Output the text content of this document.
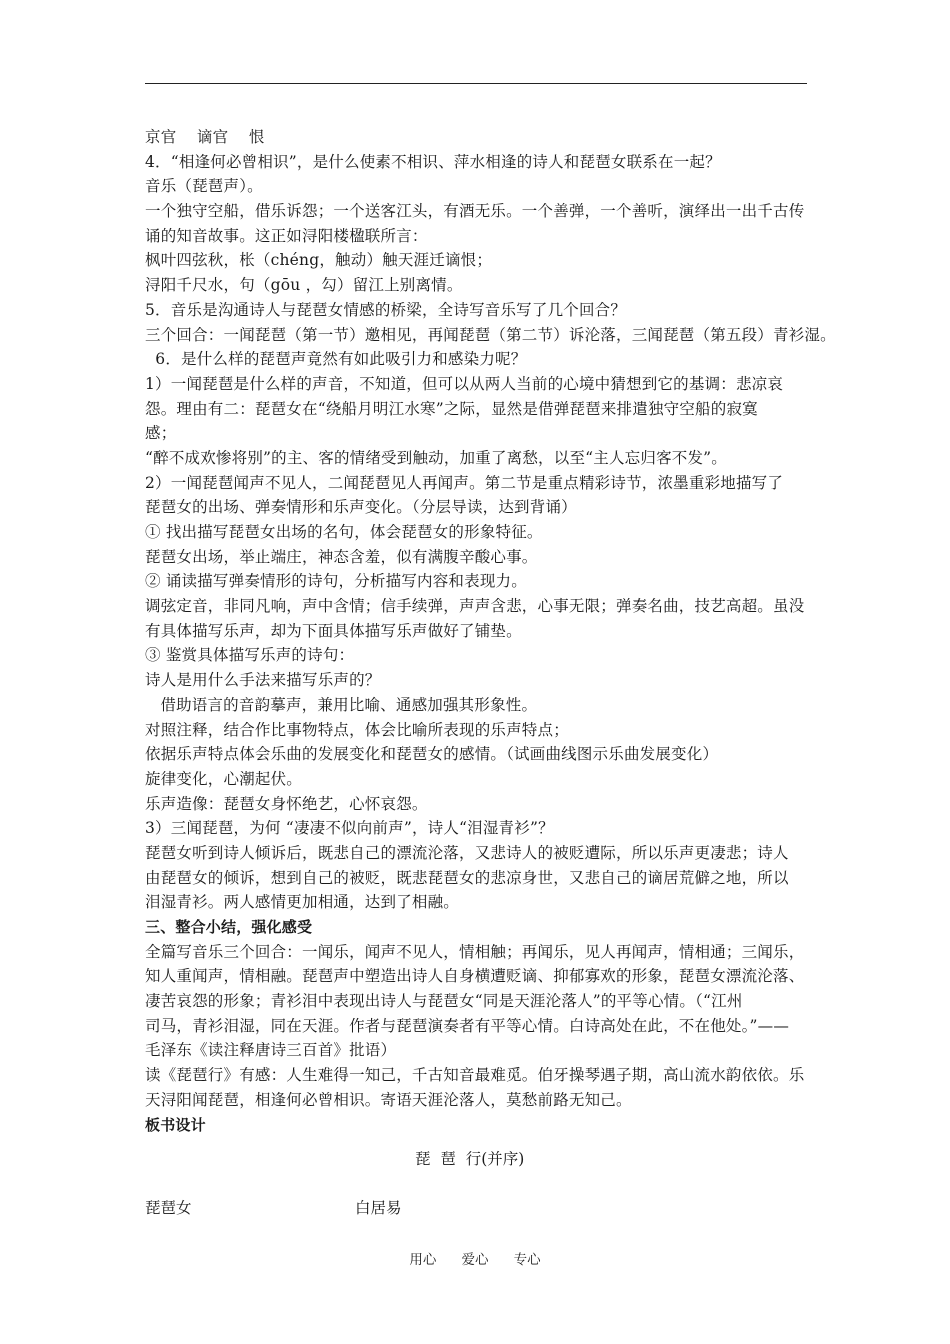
京官    谪官    恨
4．“相逢何必曾相识”，是什么使素不相识、萍水相逢的诗人和琵琶女联系在一起？
音乐（琵琶声）。
一个独守空船，借乐诉怨；一个送客江头，有酒无乐。一个善弹，一个善听，演绎出一出千古传
诵的知音故事。这正如浔阳楼楹联所言：
枫叶四弦秋，枨（chéng，触动）触天涯迁谪恨；
浔阳千尺水，句（gōu ，勾）留江上别离情。
5．音乐是沟通诗人与琵琶女情感的桥梁，全诗写音乐写了几个回合？
三个回合：一闻琵琶（第一节）邀相见，再闻琵琶（第二节）诉沦落，三闻琵琶（第五段）青衫湿。
6．是什么样的琵琶声竟然有如此吸引力和感染力呢？
1）一闻琵琶是什么样的声音，不知道，但可以从两人当前的心境中猜想到它的基调：悲凉哀
怨。理由有二：琵琶女在“绕船月明江水寒”之际，显然是借弹琵琶来排遣独守空船的寂寞
感；
“醉不成欢惨将别”的主、客的情绪受到触动，加重了离愁，以至“主人忘归客不发”。
2）一闻琵琶闻声不见人，二闻琵琶见人再闻声。第二节是重点精彩诗节，浓墨重彩地描写了
琵琶女的出场、弹奏情形和乐声变化。（分层导读，达到背诵）
① 找出描写琵琶女出场的名句，体会琵琶女的形象特征。
琵琶女出场，举止端庄，神态含羞，似有满腹辛酸心事。
② 诵读描写弹奏情形的诗句，分析描写内容和表现力。
调弦定音，非同凡响，声中含情；信手续弹，声声含悲，心事无限；弹奏名曲，技艺高超。虽没
有具体描写乐声，却为下面具体描写乐声做好了铺垫。
③ 鉴赏具体描写乐声的诗句：
诗人是用什么手法来描写乐声的？
借助语言的音韵摹声，兼用比喻、通感加强其形象性。
对照注释，结合作比事物特点，体会比喻所表现的乐声特点；
依据乐声特点体会乐曲的发展变化和琵琶女的感情。（试画曲线图示乐曲发展变化）
旋律变化，心潮起伏。
乐声造像：琵琶女身怀绝艺，心怀哀怨。
3）三闻琵琶，为何 “凄凄不似向前声”，诗人“泪湿青衫”？
琵琶女听到诗人倾诉后，既悲自己的漂流沦落，又悲诗人的被贬遭际，所以乐声更凄悲；诗人
由琵琶女的倾诉，想到自己的被贬，既悲琵琶女的悲凉身世，又悲自己的谪居荒僻之地，所以
泪湿青衫。两人感情更加相通，达到了相融。
三、整合小结，强化感受
全篇写音乐三个回合：一闻乐，闻声不见人，情相触；再闻乐，见人再闻声，情相通；三闻乐，
知人重闻声，情相融。琵琶声中塑造出诗人自身横遭贬谪、抑郁寡欢的形象，琵琶女漂流沦落、
凄苦哀怨的形象；青衫泪中表现出诗人与琵琶女“同是天涯沦落人”的平等心情。（“江州
司马，青衫泪湿，同在天涯。作者与琵琶演奏者有平等心情。白诗高处在此，不在他处。”——
毛泽东《读注释唐诗三百首》批语）
读《琵琶行》有感：人生难得一知己，千古知音最难觅。伯牙操琴遇子期，高山流水韵依依。乐
天浔阳闻琵琶，相逢何必曾相识。寄语天涯沦落人，莫愁前路无知己。
板书设计
琵  琶  行(并序)
琵琶女	白居易
用心    爱心    专心
